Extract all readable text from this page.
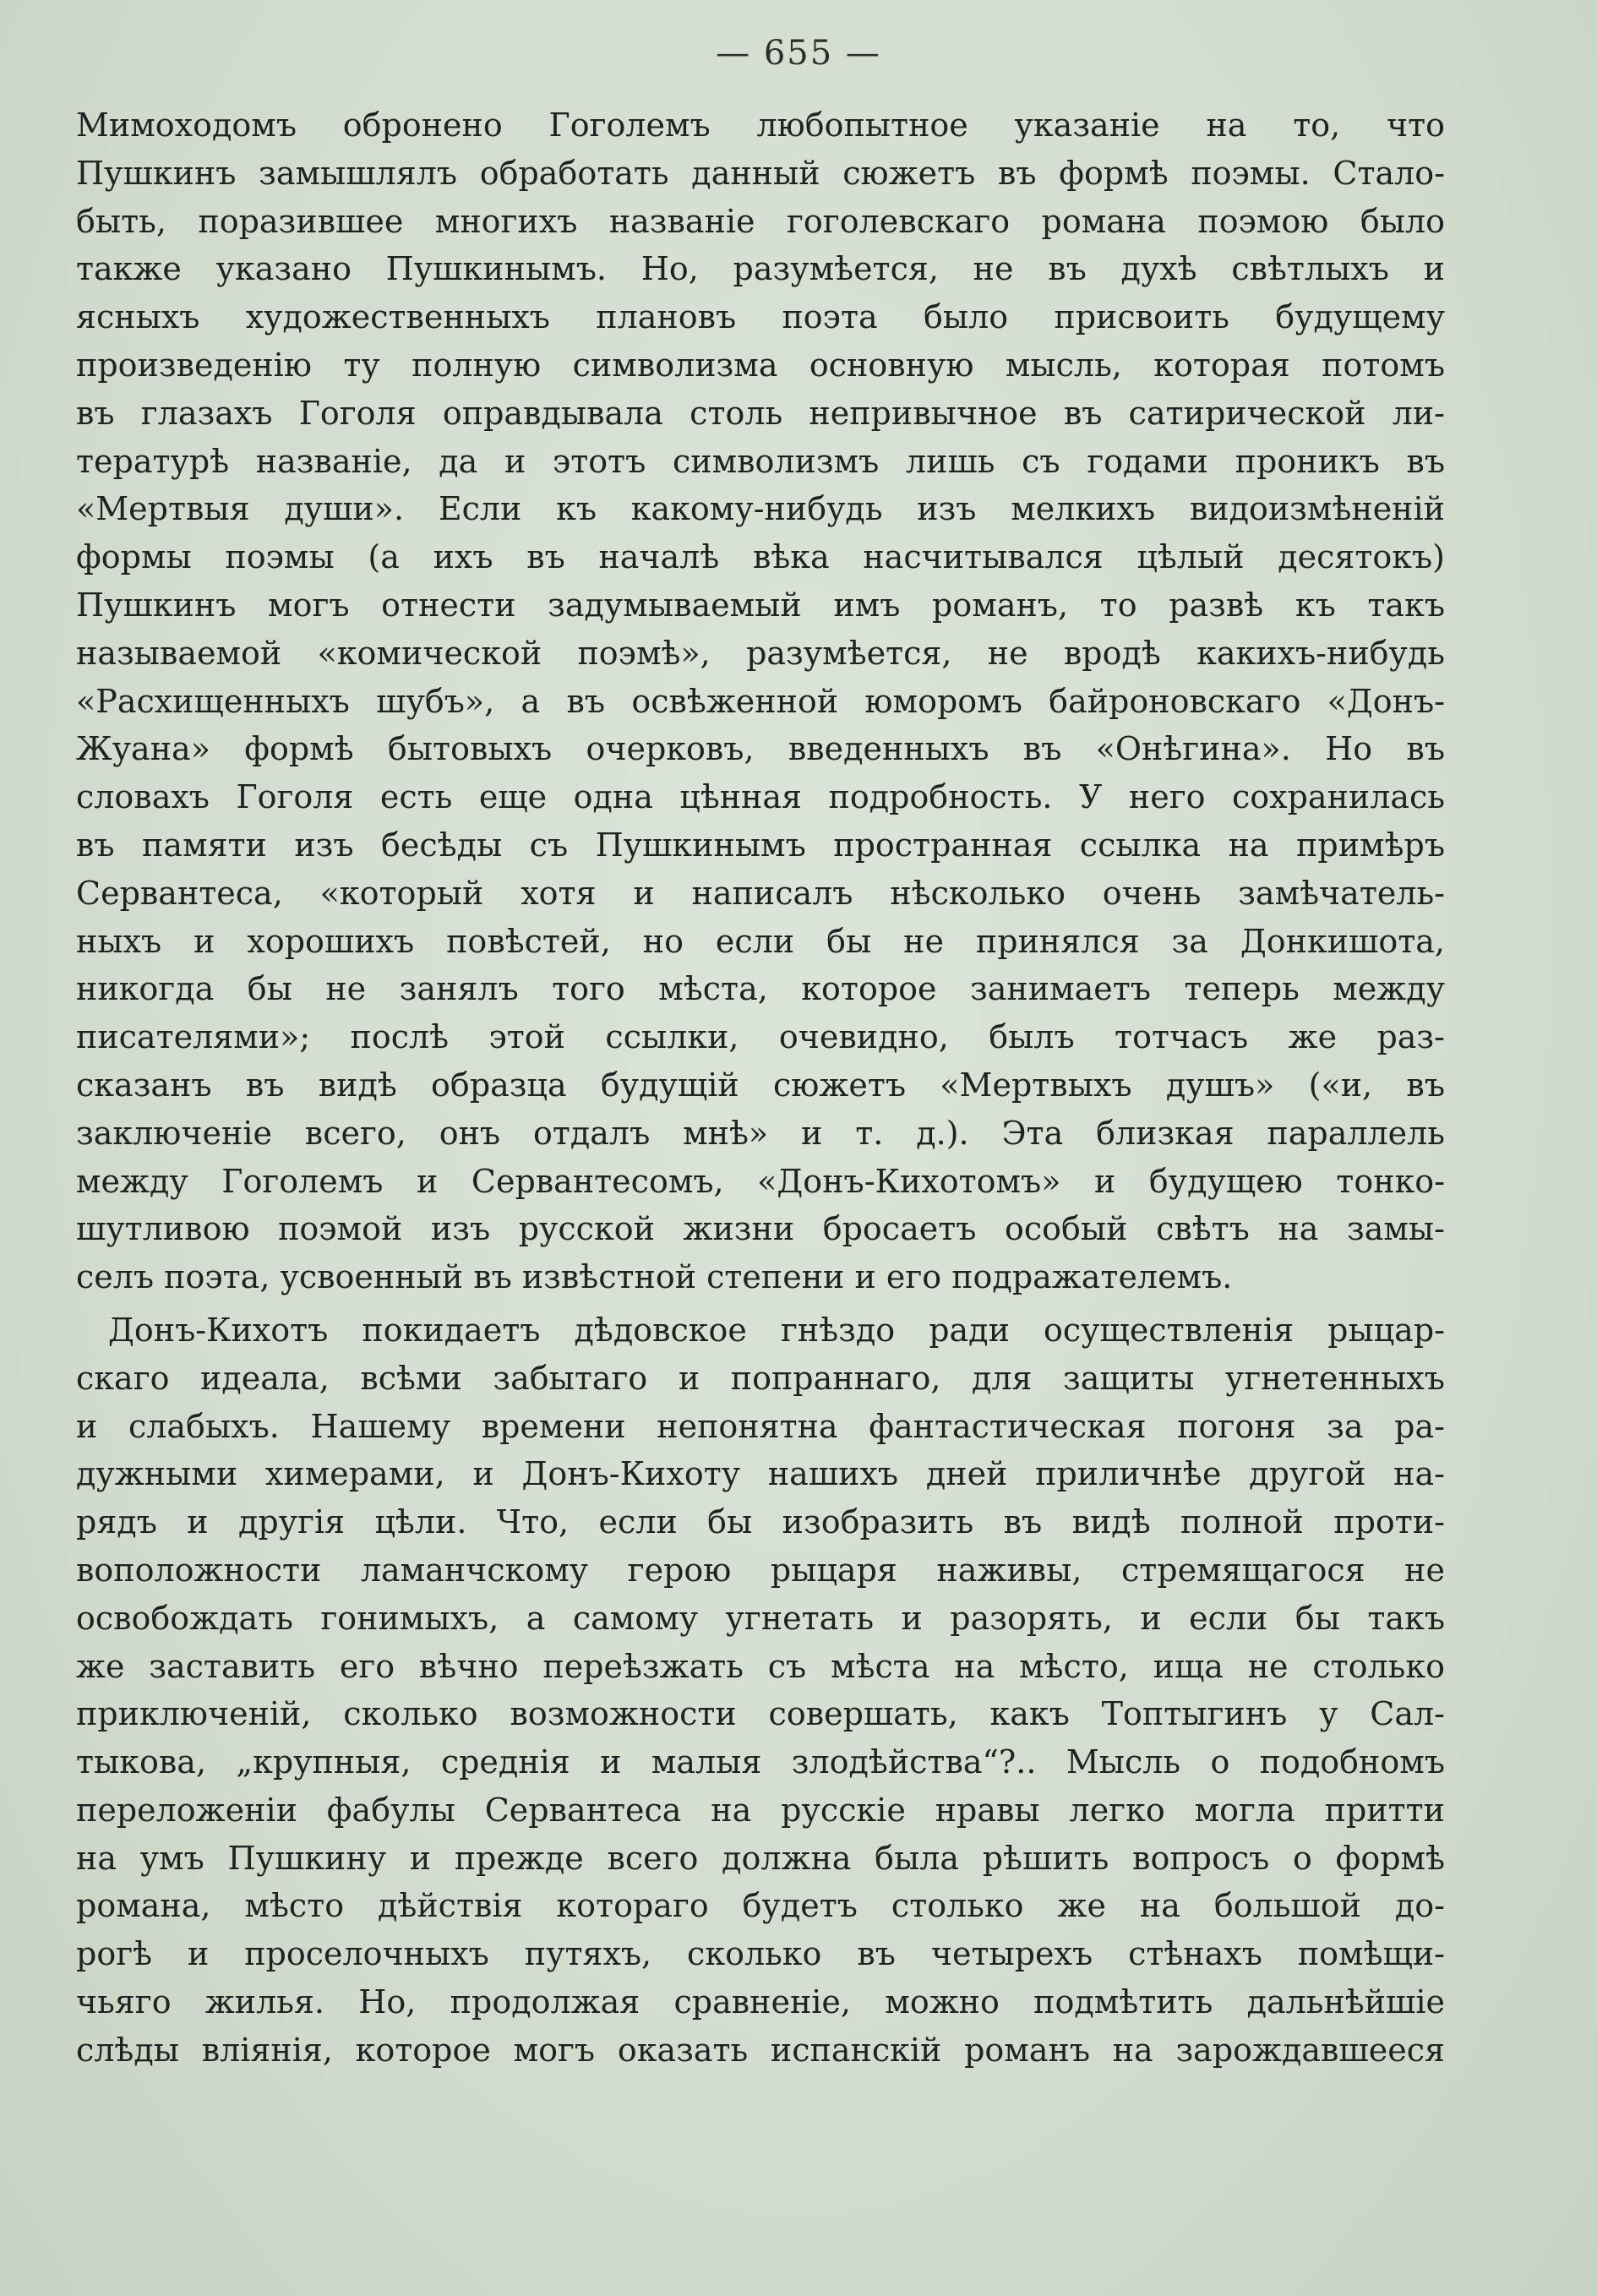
— 655 —
Мимоходомъ обронено Гоголемъ любопытное указанiе на то, что
Пушкинъ замышлялъ обработать данный сюжетъ въ формѣ поэмы. Стало-
быть, поразившее многихъ названiе гоголевскаго романа поэмою было
также указано Пушкинымъ. Но, разумѣется, не въ духѣ свѣтлыхъ и
ясныхъ художественныхъ плановъ поэта было присвоить будущему
произведенiю ту полную символизма основную мысль, которая потомъ
въ глазахъ Гоголя оправдывала столь непривычное въ сатирической ли-
тературѣ названiе, да и этотъ символизмъ лишь съ годами проникъ въ
«Мертвыя души». Если къ какому-нибудь изъ мелкихъ видоизмѣненiй
формы поэмы (а ихъ въ началѣ вѣка насчитывался цѣлый десятокъ)
Пушкинъ могъ отнести задумываемый имъ романъ, то развѣ къ такъ
называемой «комической поэмѣ», разумѣется, не вродѣ какихъ-нибудь
«Расхищенныхъ шубъ», а въ освѣженной юморомъ байроновскаго «Донъ-
Жуана» формѣ бытовыхъ очерковъ, введенныхъ въ «Онѣгина». Но въ
словахъ Гоголя есть еще одна цѣнная подробность. У него сохранилась
въ памяти изъ бесѣды съ Пушкинымъ пространная ссылка на примѣръ
Сервантеса, «который хотя и написалъ нѣсколько очень замѣчатель-
ныхъ и хорошихъ повѣстей, но если бы не принялся за Донкишота,
никогда бы не занялъ того мѣста, которое занимаетъ теперь между
писателями»; послѣ этой ссылки, очевидно, былъ тотчасъ же раз-
сказанъ въ видѣ образца будущiй сюжетъ «Мертвыхъ душъ» («и, въ
заключенiе всего, онъ отдалъ мнѣ» и т. д.). Эта близкая параллель
между Гоголемъ и Сервантесомъ, «Донъ-Кихотомъ» и будущею тонко-
шутливою поэмой изъ русской жизни бросаетъ особый свѣтъ на замы-
селъ поэта, усвоенный въ извѣстной степени и его подражателемъ.
Донъ-Кихотъ покидаетъ дѣдовское гнѣздо ради осуществленiя рыцар-
скаго идеала, всѣми забытаго и попраннаго, для защиты угнетенныхъ
и слабыхъ. Нашему времени непонятна фантастическая погоня за ра-
дужными химерами, и Донъ-Кихоту нашихъ дней приличнѣе другой на-
рядъ и другiя цѣли. Что, если бы изобразить въ видѣ полной проти-
воположности ламанчскому герою рыцаря наживы, стремящагося не
освобождать гонимыхъ, а самому угнетать и разорять, и если бы такъ
же заставить его вѣчно переѣзжать съ мѣста на мѣсто, ища не столько
приключенiй, сколько возможности совершать, какъ Топтыгинъ у Сал-
тыкова, „крупныя, среднiя и малыя злодѣйства“?.. Мысль о подобномъ
переложенiи фабулы Сервантеса на русскiе нравы легко могла притти
на умъ Пушкину и прежде всего должна была рѣшить вопросъ о формѣ
романа, мѣсто дѣйствiя котораго будетъ столько же на большой до-
рогѣ и проселочныхъ путяхъ, сколько въ четырехъ стѣнахъ помѣщи-
чьяго жилья. Но, продолжая сравненiе, можно подмѣтить дальнѣйшiе
слѣды влiянiя, которое могъ оказать испанскiй романъ на зарождавшееся
